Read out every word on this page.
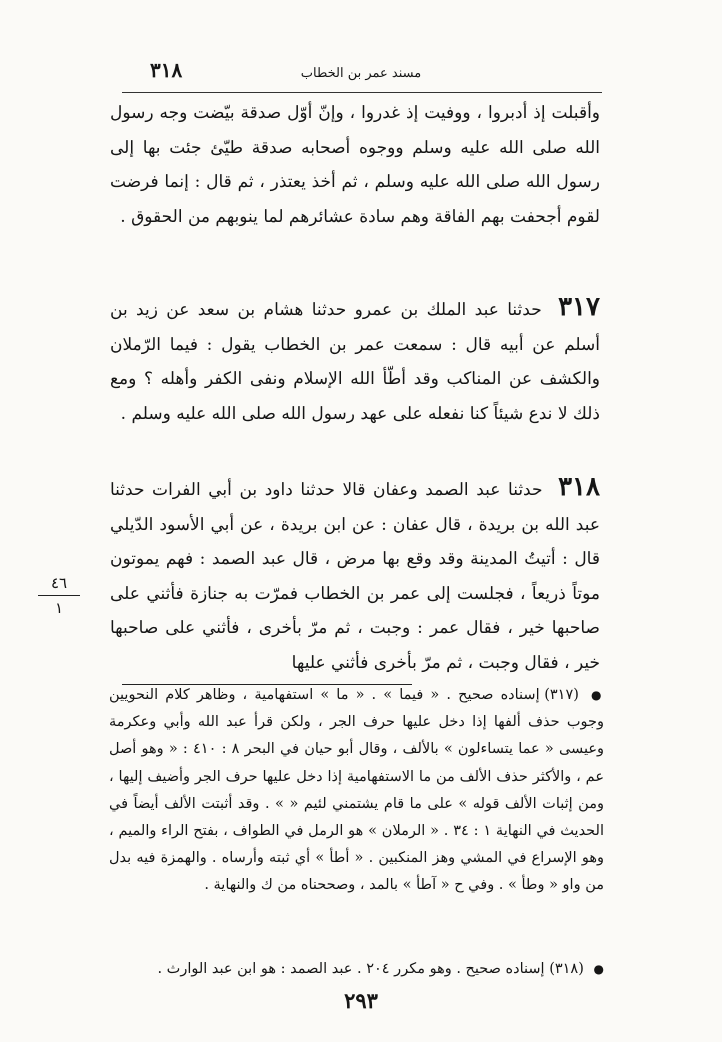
مسند عمر بن الخطاب
٣١٨

وأقبلت إذ أدبروا ، ووفيت إذ غدروا ، وإنّ أوّل صدقة بيّضت وجه رسول الله صلى الله عليه وسلم ووجوه أصحابه صدقة طيّئ جئت بها إلى رسول الله صلى الله عليه وسلم ، ثم أخذ يعتذر ، ثم قال : إنما فرضت لقوم أجحفت بهم الفاقة وهم سادة عشائرهم لما ينوبهم من الحقوق .

٣١٧ حدثنا عبد الملك بن عمرو حدثنا هشام بن سعد عن زيد بن أسلم عن أبيه قال : سمعت عمر بن الخطاب يقول : فيما الرّملان والكشف عن المناكب وقد أطّأ الله الإسلام ونفى الكفر وأهله ؟ ومع ذلك لا ندع شيئاً كنا نفعله على عهد رسول الله صلى الله عليه وسلم .

٣١٨ حدثنا عبد الصمد وعفان قالا حدثنا داود بن أبي الفرات حدثنا عبد الله بن بريدة ، قال عفان : عن ابن بريدة ، عن أبي الأسود الدّيلي قال : أتيتُ المدينة وقد وقع بها مرض ، قال عبد الصمد : فهم يموتون موتاً ذريعاً ، فجلست إلى عمر بن الخطاب فمرّت به جنازة فأثني على صاحبها خير ، فقال عمر : وجبت ، ثم مرّ بأخرى ، فأثني على صاحبها خير ، فقال وجبت ، ثم مرّ بأخرى فأثني عليها

٤٦
١

● (٣١٧) إسناده صحيح . « فيما » . « ما » استفهامية ، وظاهر كلام النحويين وجوب حذف ألفها إذا دخل عليها حرف الجر ، ولكن قرأ عبد الله وأبي وعكرمة وعيسى « عما يتساءلون » بالألف ، وقال أبو حيان في البحر ٨ : ٤١٠ : « وهو أصل عم ، والأكثر حذف الألف من ما الاستفهامية إذا دخل عليها حرف الجر وأضيف إليها ، ومن إثبات الألف قوله » على ما قام يشتمني لئيم « » . وقد أثبتت الألف أيضاً في الحديث في النهاية ١ : ٣٤ . « الرملان » هو الرمل في الطواف ، بفتح الراء والميم ، وهو الإسراع في المشي وهز المنكبين . « أطأ » أي ثبته وأرساه . والهمزة فيه بدل من واو « وطأ » . وفي ح « آطأ » بالمد ، وصححناه من ك والنهاية .

● (٣١٨) إسناده صحيح . وهو مكرر ٢٠٤ . عبد الصمد : هو ابن عبد الوارث .

٢٩٣
